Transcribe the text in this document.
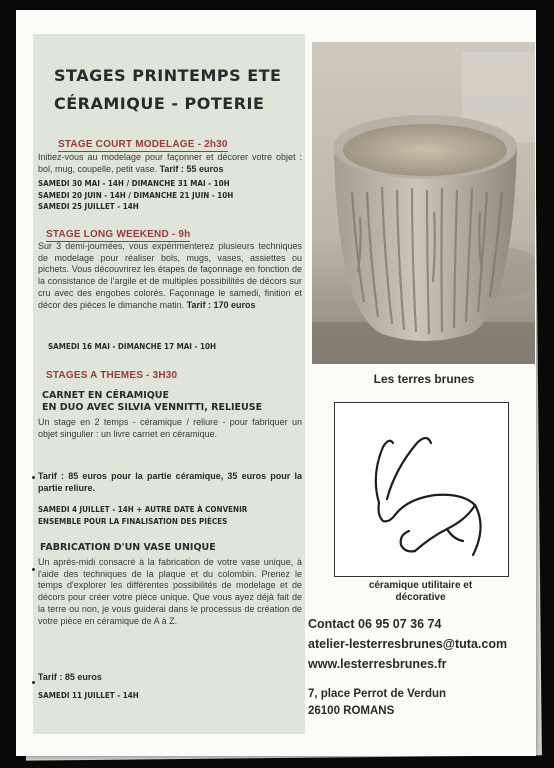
STAGES PRINTEMPS ETE
CÉRAMIQUE - POTERIE
STAGE COURT MODELAGE - 2h30
Initiez-vous au modelage pour façonner et décorer votre objet : bol, mug, coupelle, petit vase. Tarif : 55 euros
SAMEDI 30 MAI - 14H / DIMANCHE 31 MAI - 10H
SAMEDI 20 JUIN - 14H / DIMANCHE 21 JUIN - 10H
SAMEDI 25 JUILLET - 14H
STAGE LONG WEEKEND - 9h
Sur 3 demi-journées, vous expérimenterez plusieurs techniques de modelage pour réaliser bols, mugs, vases, assiettes ou pichets. Vous découvrirez les étapes de façonnage en fonction de la consistance de l'argile et de multiples possibilités de décors sur cru avec des engobes colorés. Façonnage le samedi, finition et décor des pièces le dimanche matin. Tarif : 170 euros
SAMEDI 16 MAI - DIMANCHE 17 MAI - 10H
STAGES A THEMES - 3H30
CARNET EN CÉRAMIQUE
EN DUO AVEC SILVIA VENNITTI, RELIEUSE
Un stage en 2 temps - céramique / reliure - pour fabriquer un objet singulier : un livre carnet en céramique.
Tarif : 85 euros pour la partie céramique, 35 euros pour la partie reliure.
SAMEDI 4 JUILLET - 14H + AUTRE DATE À CONVENIR
ENSEMBLE POUR LA FINALISATION DES PIÈCES
FABRICATION D'UN VASE UNIQUE
Un après-midi consacré à la fabrication de votre vase unique, à l'aide des techniques de la plaque et du colombin. Prenez le temps d'explorer les différentes possibilités de modelage et de décors pour créer votre pièce unique. Que vous ayez déjà fait de la terre ou non, je vous guiderai dans le processus de création de votre pièce en céramique de A à Z.
Tarif : 85 euros
SAMEDI 11 JUILLET - 14H
Les terres brunes
céramique utilitaire et
décorative
Contact 06 95 07 36 74
atelier-lesterresbrunes@tuta.com
www.lesterresbrunes.fr
7, place Perrot de Verdun
26100 ROMANS
